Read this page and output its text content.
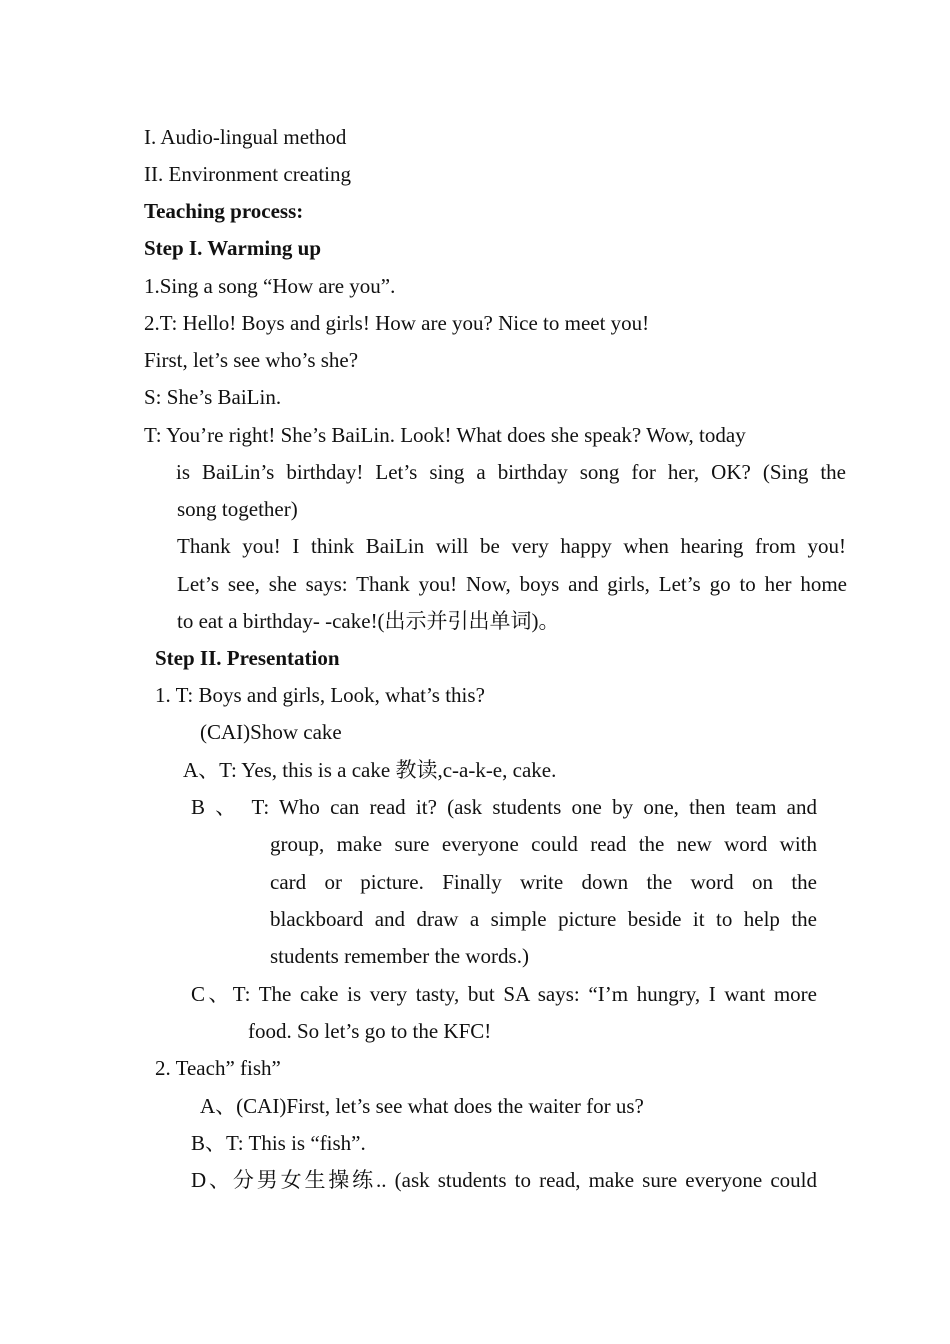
I. Audio-lingual method
II. Environment creating
Teaching process:
Step I. Warming up
1.Sing a song “How are you”.
2.T: Hello! Boys and girls! How are you? Nice to meet you!
First, let’s see who’s she?
S: She’s BaiLin.
T: You’re right! She’s BaiLin. Look! What does she speak? Wow, today
is BaiLin’s birthday! Let’s sing a birthday song for her, OK? (Sing the
song together)
Thank you! I think BaiLin will be very happy when hearing from you!
Let’s see, she says: Thank you! Now, boys and girls, Let’s go to her home
to eat a birthday- -cake!(出示并引出单词)。
Step II. Presentation
1. T: Boys and girls, Look, what’s this?
(CAI)Show cake
A、T: Yes, this is a cake 教读,c-a-k-e, cake.
B 、 T: Who can read it? (ask students one by one, then team and
group, make sure everyone could read the new word with
card or picture. Finally write down the word on the
blackboard and draw a simple picture beside it to help the
students remember the words.)
C、T: The cake is very tasty, but SA says: “I’m hungry, I want more
food. So let’s go to the KFC!
2. Teach” fish”
A、(CAI)First, let’s see what does the waiter for us?
B、T: This is “fish”.
D、分男女生操练.. (ask students to read, make sure everyone could
